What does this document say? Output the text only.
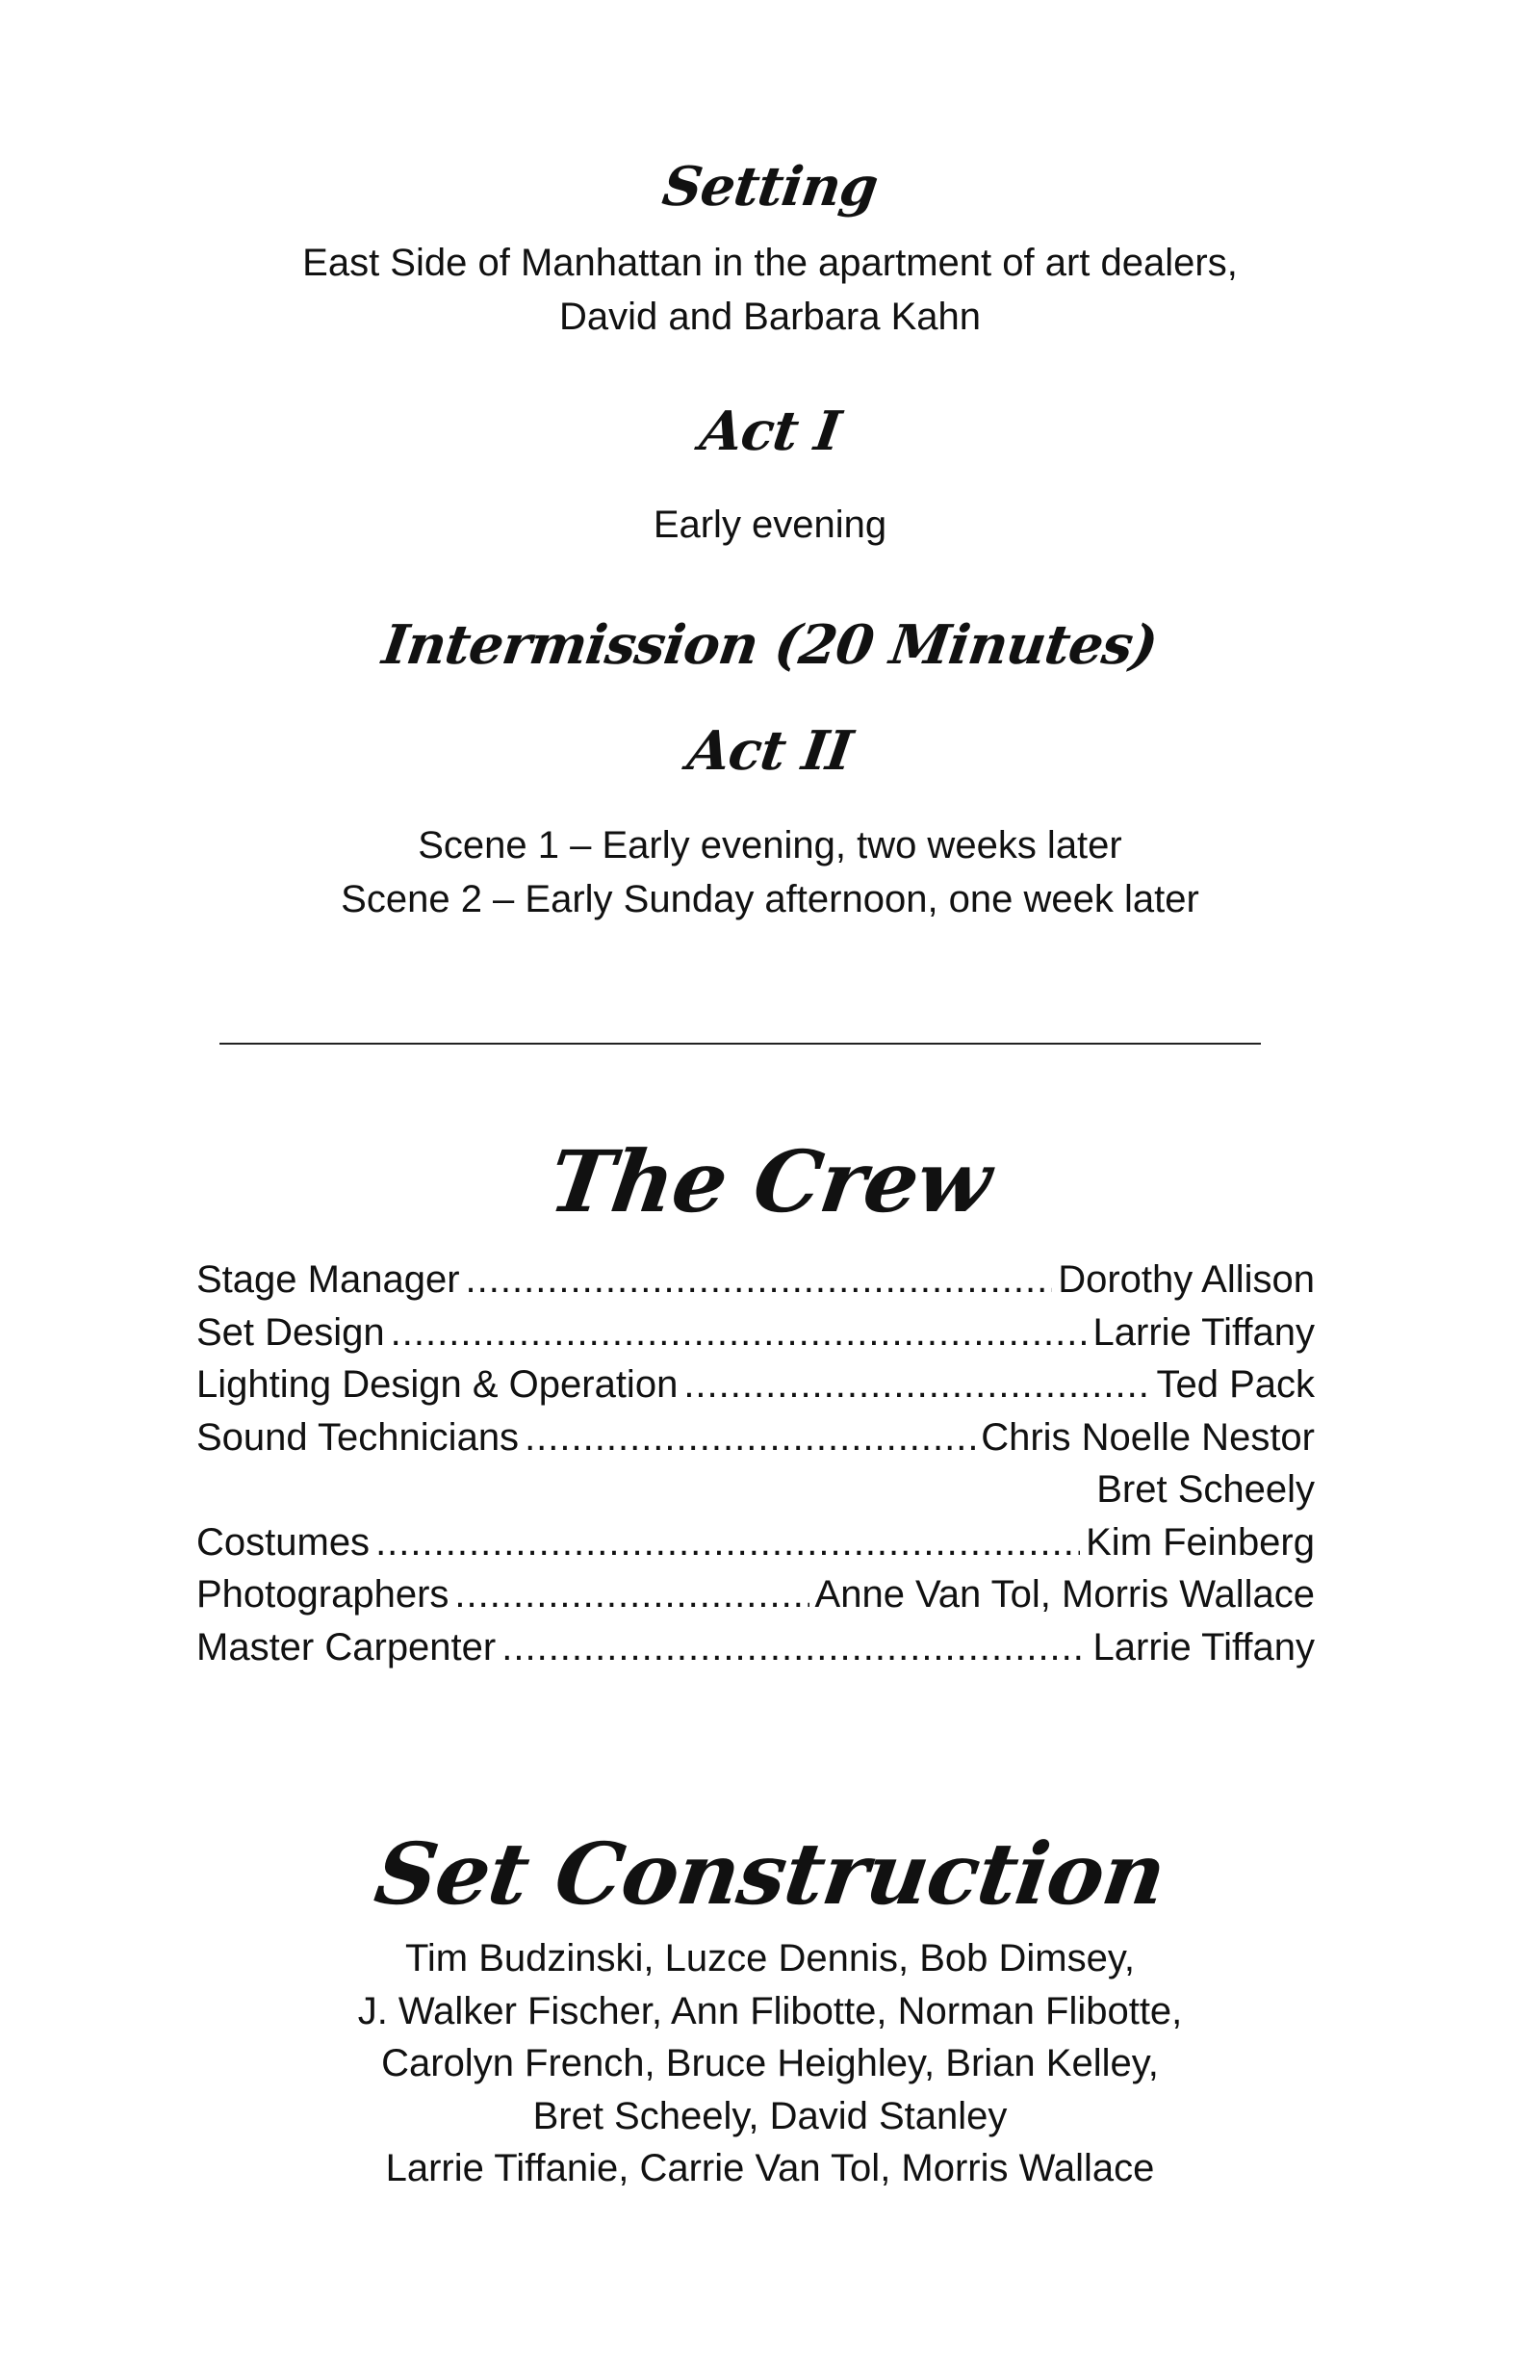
Setting
East Side of Manhattan in the apartment of art dealers,
David and Barbara Kahn
Act I
Early evening
Intermission (20 Minutes)
Act II
Scene 1 – Early evening, two weeks later
Scene 2 – Early Sunday afternoon, one week later
The Crew
Stage Manager .....	Dorothy Allison
Set Design .....	Larrie Tiffany
Lighting Design & Operation .....	Ted Pack
Sound Technicians .....	Chris Noelle Nestor
Bret Scheely
Costumes .....	Kim Feinberg
Photographers .....	Anne Van Tol, Morris Wallace
Master Carpenter .....	Larrie Tiffany
Set Construction
Tim Budzinski, Luzce Dennis, Bob Dimsey,
J. Walker Fischer, Ann Flibotte, Norman Flibotte,
Carolyn French, Bruce Heighley, Brian Kelley,
Bret Scheely, David Stanley
Larrie Tiffanie, Carrie Van Tol, Morris Wallace
